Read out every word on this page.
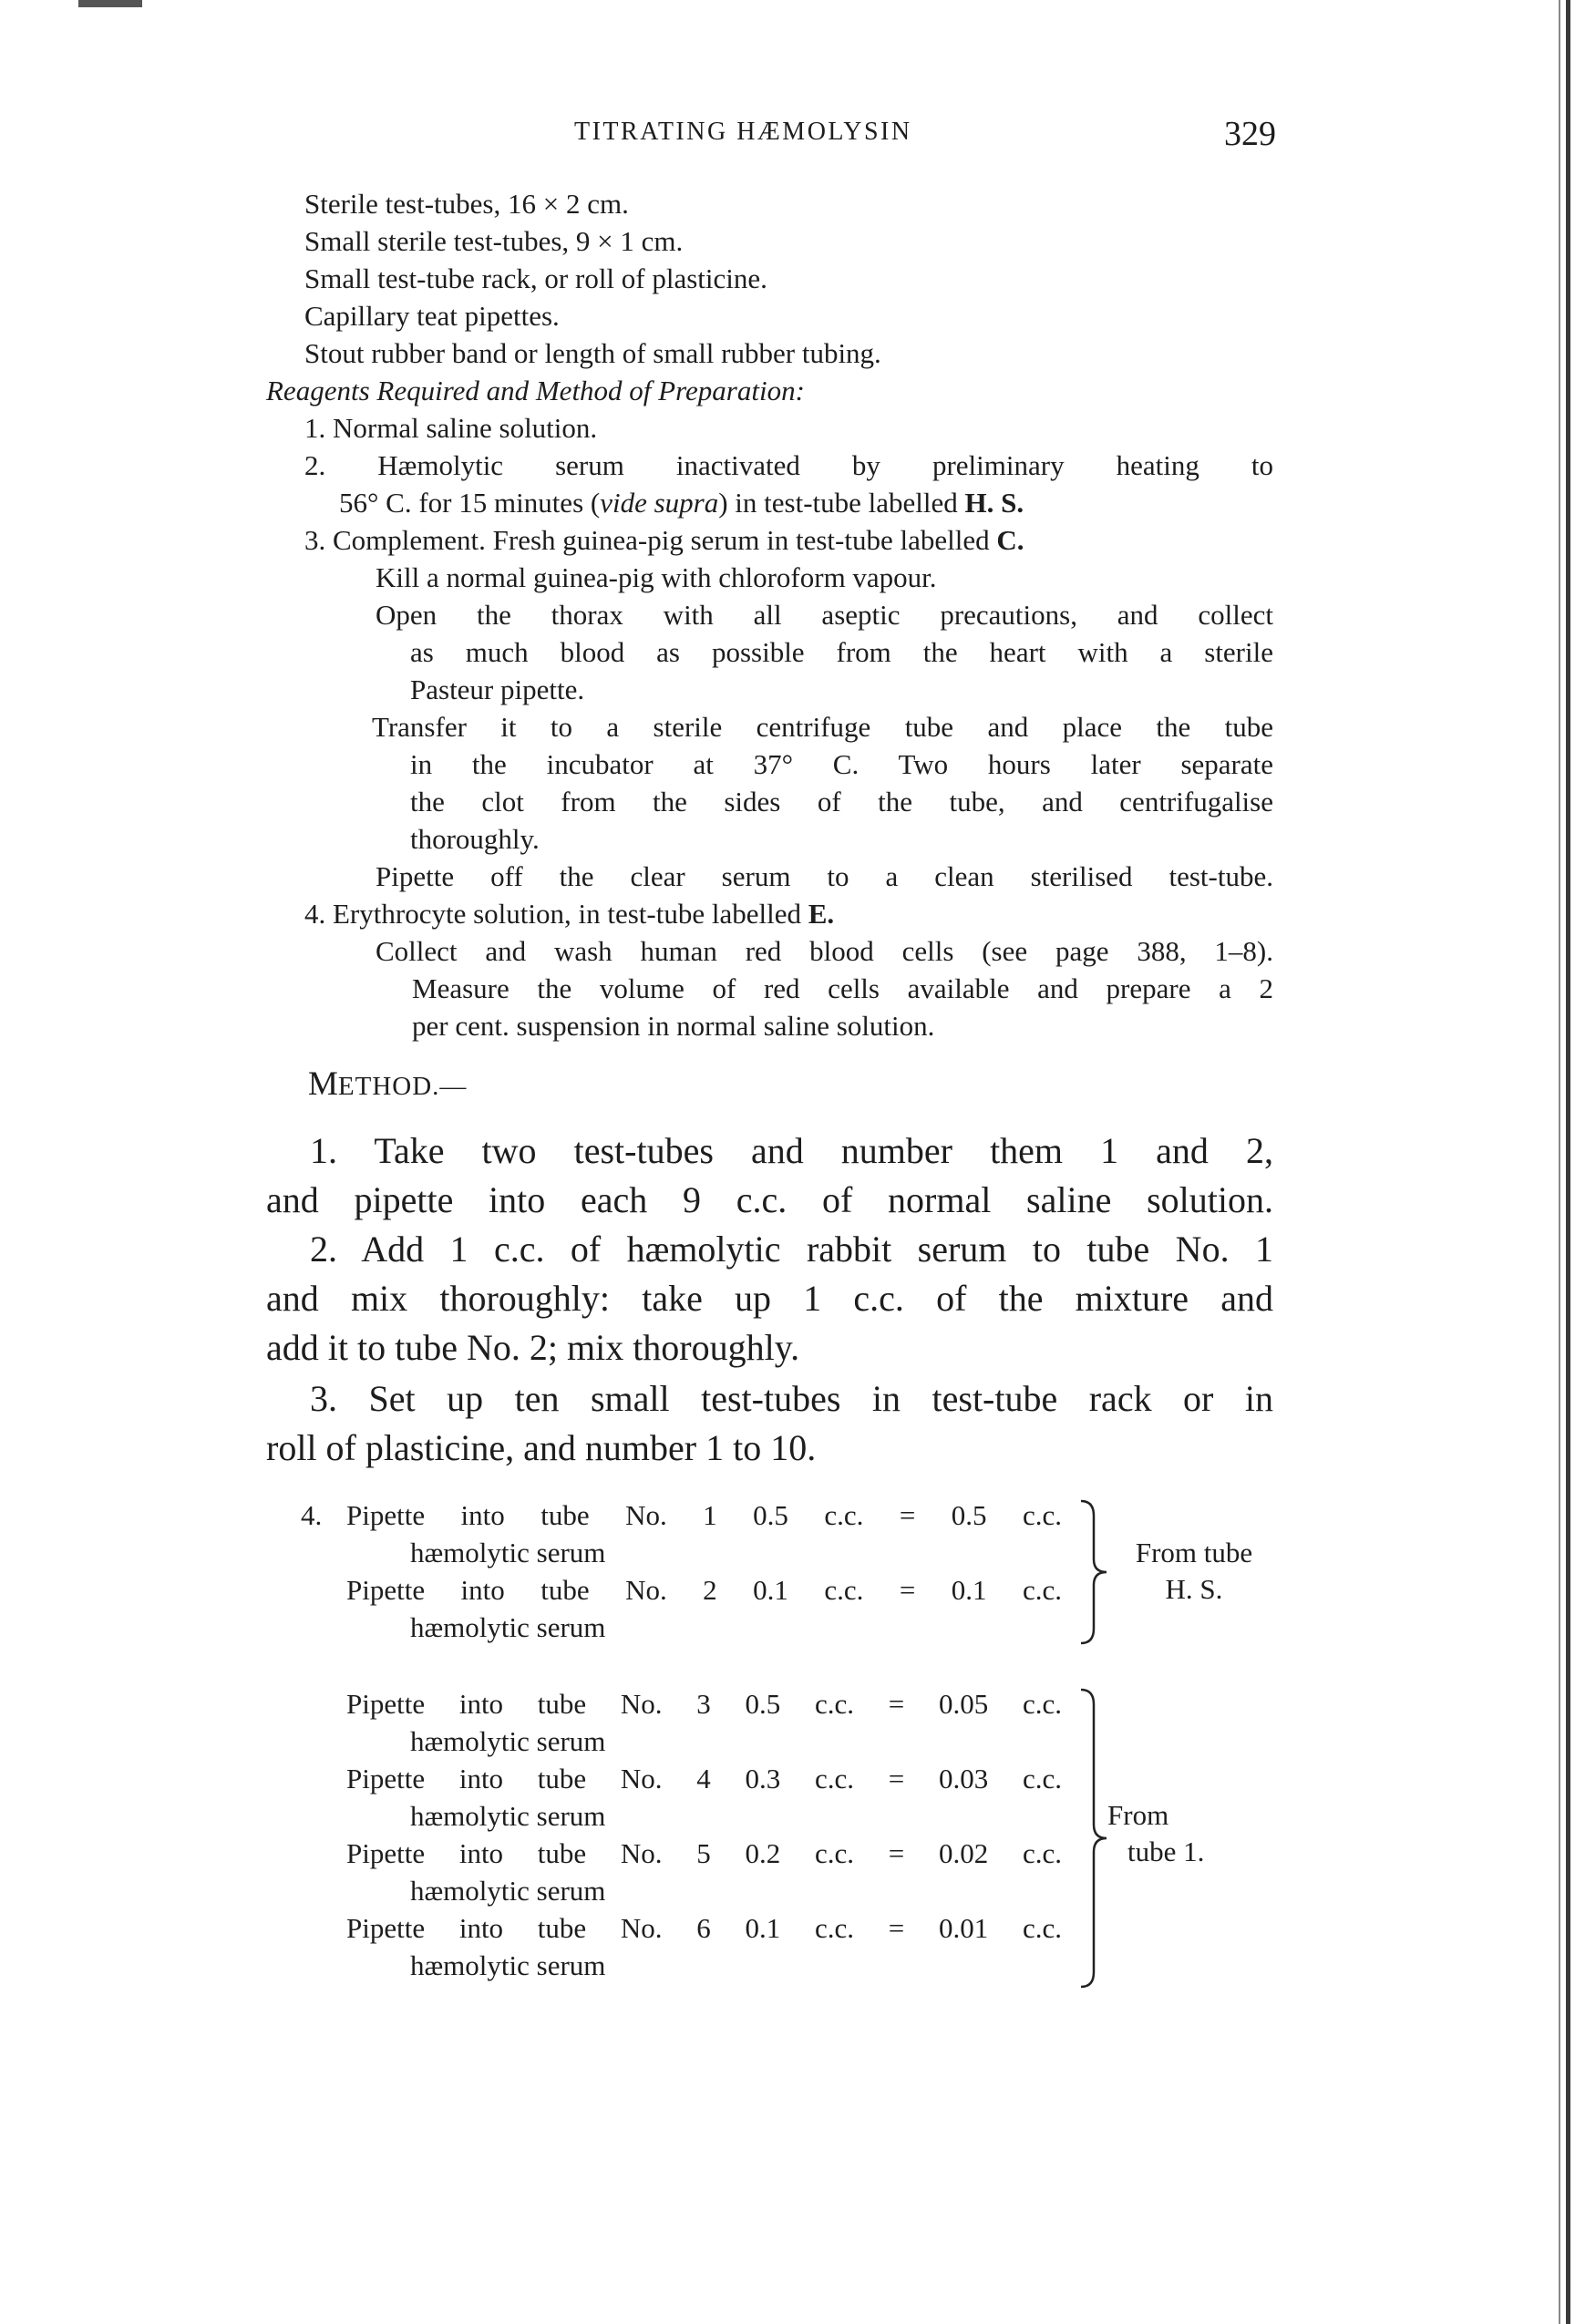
TITRATING HÆMOLYSIN	329
Sterile test-tubes, 16 × 2 cm.
Small sterile test-tubes, 9 × 1 cm.
Small test-tube rack, or roll of plasticine.
Capillary teat pipettes.
Stout rubber band or length of small rubber tubing.
Reagents Required and Method of Preparation:
1. Normal saline solution.
2. Hæmolytic serum inactivated by preliminary heating to
56° C. for 15 minutes (vide supra) in test-tube labelled H. S.
3. Complement. Fresh guinea-pig serum in test-tube labelled C.
Kill a normal guinea-pig with chloroform vapour.
Open the thorax with all aseptic precautions, and collect
as much blood as possible from the heart with a sterile
Pasteur pipette.
Transfer it to a sterile centrifuge tube and place the tube
in the incubator at 37° C. Two hours later separate
the clot from the sides of the tube, and centrifugalise
thoroughly.
Pipette off the clear serum to a clean sterilised test-tube.
4. Erythrocyte solution, in test-tube labelled E.
Collect and wash human red blood cells (see page 388, 1–8).
Measure the volume of red cells available and prepare a 2
per cent. suspension in normal saline solution.
METHOD.—
1. Take two test-tubes and number them 1 and 2,
and pipette into each 9 c.c. of normal saline solution.
2. Add 1 c.c. of hæmolytic rabbit serum to tube No. 1
and mix thoroughly: take up 1 c.c. of the mixture and
add it to tube No. 2; mix thoroughly.
3. Set up ten small test-tubes in test-tube rack or in
roll of plasticine, and number 1 to 10.
4. Pipette into tube No. 1 0.5 c.c. = 0.5 c.c.
hæmolytic serum
Pipette into tube No. 2 0.1 c.c. = 0.1 c.c.
hæmolytic serum
From tube
H. S.
Pipette into tube No. 3 0.5 c.c. = 0.05 c.c.
hæmolytic serum
Pipette into tube No. 4 0.3 c.c. = 0.03 c.c.
hæmolytic serum
Pipette into tube No. 5 0.2 c.c. = 0.02 c.c.
hæmolytic serum
Pipette into tube No. 6 0.1 c.c. = 0.01 c.c.
hæmolytic serum
From
tube 1.
